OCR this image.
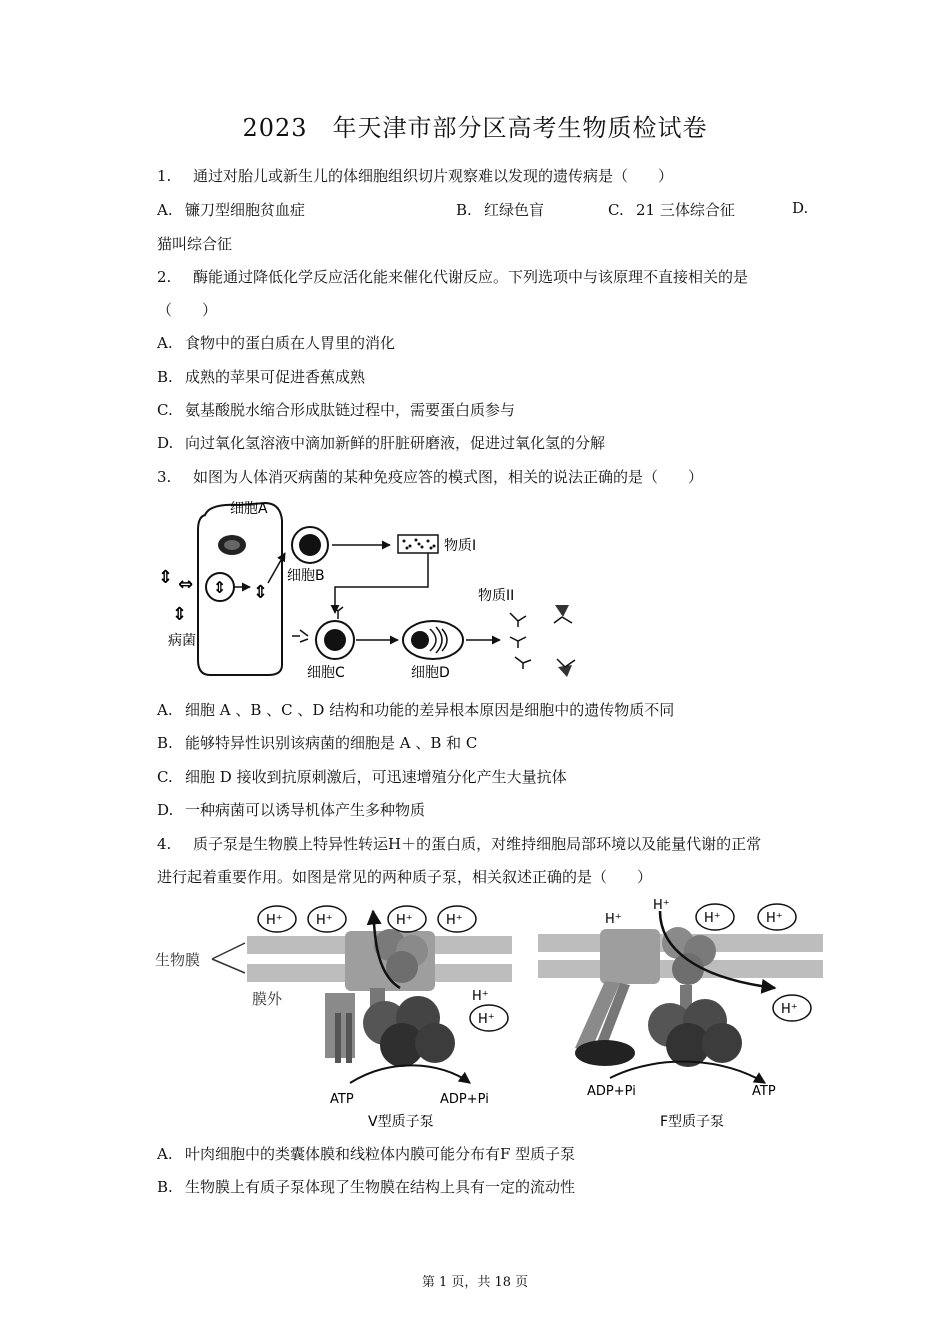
2023　年天津市部分区高考生物质检试卷
1. 通过对胎儿或新生儿的体细胞组织切片观察难以发现的遗传病是（　　）
A. 镰刀型细胞贫血症	B. 红绿色盲	C. 21 三体综合征	D.
猫叫综合征
2. 酶能通过降低化学反应活化能来催化代谢反应。下列选项中与该原理不直接相关的是
（　　）
A. 食物中的蛋白质在人胃里的消化
B. 成熟的苹果可促进香蕉成熟
C. 氨基酸脱水缩合形成肽链过程中，需要蛋白质参与
D. 向过氧化氢溶液中滴加新鲜的肝脏研磨液，促进过氧化氢的分解
3. 如图为人体消灭病菌的某种免疫应答的模式图，相关的说法正确的是（　　）
⇕
⇕ ⇔	⇕
⇕
细胞A
病菌
细胞B
物质I
细胞C	细胞D
物质II
A. 细胞 A 、B 、C 、D 结构和功能的差异根本原因是细胞中的遗传物质不同
B. 能够特异性识别该病菌的细胞是 A 、B 和 C
C. 细胞 D 接收到抗原刺激后，可迅速增殖分化产生大量抗体
D. 一种病菌可以诱导机体产生多种物质
4. 质子泵是生物膜上特异性转运H＋的蛋白质，对维持细胞局部环境以及能量代谢的正常
进行起着重要作用。如图是常见的两种质子泵，相关叙述正确的是（　　）
H⁺	H⁺	H⁺	H⁺
H⁺
H⁺
生物膜
膜外
ATP	ADP+Pi
V型质子泵
H⁺
H⁺
H⁺	H⁺
H⁺
ADP+Pi	ATP
F型质子泵
A. 叶肉细胞中的类囊体膜和线粒体内膜可能分布有F 型质子泵
B. 生物膜上有质子泵体现了生物膜在结构上具有一定的流动性
第 1 页，共 18 页
